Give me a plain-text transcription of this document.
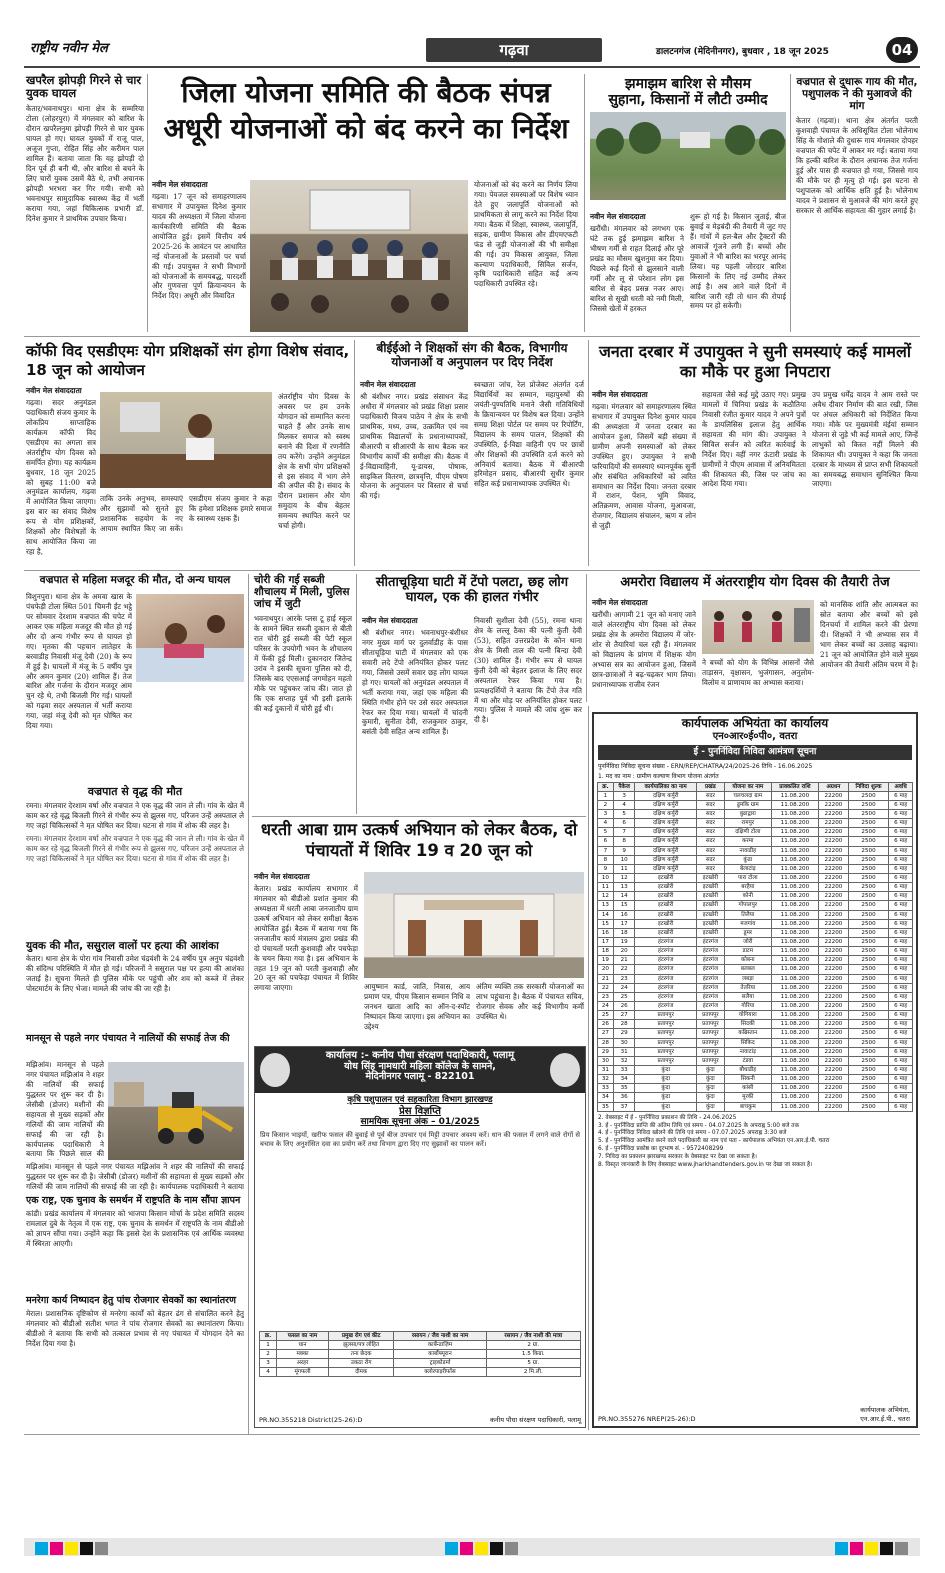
राष्ट्रीय नवीन मेल	गढ़वा	डालटनगंज (मेदिनीनगर), बुधवार , 18 जून 2025	04
खपरैल झोपड़ी गिरने से चार युवक घायल
केताऱ/भवनाथपुर। थाना क्षेत्र के सम्मरिया टोला (लोहरपुरा) में मंगलवार को बारिश के दौरान खपरैलनुमा झोपड़ी गिरने से चार युवक घायल हो गए। घायल युवकों में राजू पाल, अजूज गुप्ता, रोहित सिंह और करीमन पाल शामिल हैं। बताया जाता कि यह झोपड़ी दो दिन पूर्व ही बनी थी, और बारिश से बचने के लिए चारों युवक उसमें बैठे थे, तभी अचानक झोपड़ी भरभरा कर गिर गयी। सभी को भवनाथपुर सामुदायिक स्वास्थ्य केंद्र में भर्ती कराया गया, जहां चिकित्सक प्रभारी डॉ. दिनेश कुमार ने प्राथमिक उपचार किया।
जिला योजना समिति की बैठक संपन्न
अधूरी योजनाओं को बंद करने का निर्देश
नवीन मेल संवाददाता
गढ़वा। 17 जून को समाहरणालय सभागार में उपायुक्त दिनेश कुमार यादव की अध्यक्षता में जिला योजना कार्यकारिणी समिति की बैठक आयोजित हुई। इसमें वित्तीय वर्ष 2025-26 के आवंटन पर आधारित नई योजनाओं के प्रस्तावों पर चर्चा की गई। उपायुक्त ने सभी विभागों को योजनाओं के समयबद्ध, पारदर्शी और गुणवत्ता पूर्ण क्रियान्वयन के निर्देश दिए। अधूरी और विवादित
योजनाओं को बंद करने का निर्णय लिया गया। पेयजल समस्याओं पर विशेष ध्यान देते हुए जलापूर्ति योजनाओं को प्राथमिकता से लागू करने का निर्देश दिया गया। बैठक में शिक्षा, स्वास्थ्य, जलापूर्ति, सड़क, ग्रामीण विकास और डीएमएफटी फंड से जुड़ी योजनाओं की भी समीक्षा की गई। उप विकास आयुक्त, जिला कल्याण पदाधिकारी, सिविल सर्जन, कृषि पदाधिकारी सहित कई अन्य पदाधिकारी उपस्थित रहे।
झमाझम बारिश से मौसम
सुहाना, किसानों में लौटी उम्मीद
नवीन मेल संवाददाता
खरौंधी। मंगलवार को लगभग एक घंटे तक हुई झमाझम बारिश ने भीषण गर्मी से राहत दिलाई और पूरे प्रखंड का मौसम खुशनुमा कर दिया। पिछले कई दिनों से झुलसाने वाली गर्मी और लू से परेशान लोग इस बारिश से बेहद प्रसन्न नजर आए। बारिश से सूखी धरती को नमी मिली, जिससे खेतों में हरकत
शुरू हो गई है। किसान जुताई, बीज बुवाई व मेड़बंदी की तैयारी में जुट गए हैं। गांवों में हल-बैल और ट्रैक्टरों की आवाजें गूंजने लगी हैं। बच्चों और युवाओं ने भी बारिश का भरपूर आनंद लिया। यह पहली जोरदार बारिश किसानों के लिए नई उम्मीद लेकर आई है। अब आने वाले दिनों में बारिश जारी रही तो धान की रोपाई समय पर हो सकेगी।
वज्रपात से दुधारू गाय की मौत, पशुपालक ने की मुआवजे की मांग
केतार (गढ़वा)। थाना क्षेत्र अंतर्गत परती कुशवाही पंचायत के अधिसूचित टोला भोलेनाथ सिंह के गोशाले की दुधारू गाय मंगलवार दोपहर वज्रपात की चपेट में आकर मर गई। बताया गया कि हल्की बारिश के दौरान अचानक तेज गर्जना हुई और पास ही वज्रपात हो गया, जिससे गाय की मौके पर ही मृत्यु हो गई। इस घटना से पशुपालक को आर्थिक क्षति हुई है। भोलेनाथ यादव ने प्रशासन से मुआवजे की मांग करते हुए सरकार से आर्थिक सहायता की गुहार लगाई है।
कॉफी विद एसडीएमः योग प्रशिक्षकों संग होगा विशेष संवाद, 18 जून को आयोजन
नवीन मेल संवाददाता
गढ़वा। सदर अनुमंडल पदाधिकारी संजय कुमार के लोकप्रिय साप्ताहिक कार्यक्रम कॉफी विद एसडीएम का अगला सत्र अंतर्राष्ट्रीय योग दिवस को समर्पित होगा। यह कार्यक्रम बुधवार, 18 जून 2025 को सुबह 11:00 बजे अनुमंडल कार्यालय, गढ़वा में आयोजित किया जाएगा। इस बार का संवाद विशेष रूप से योग प्रशिक्षकों, शिक्षकों और विशेषज्ञों के साथ आयोजित किया जा रहा है,
ताकि उनके अनुभव, समस्याएं और सुझावों को सुनते हुए प्रशासनिक सहयोग के नए आयाम स्थापित किए जा सकें। एसडीएम संजय कुमार ने कहा कि हमेशा प्रशिक्षक हमारे समाज के स्वास्थ्य रक्षक हैं।
अंतर्राष्ट्रीय योग दिवस के अवसर पर हम उनके योगदान को सम्मानित करना चाहते हैं और उनके साथ मिलकर समाज को स्वस्थ बनाने की दिशा में रणनीति तय करेंगे। उन्होंने अनुमंडल क्षेत्र के सभी योग प्रशिक्षकों से इस संवाद में भाग लेने की अपील की है। संवाद के दौरान प्रशासन और योग समुदाय के बीच बेहतर समन्वय स्थापित करने पर चर्चा होगी।
बीईईओ ने शिक्षकों संग की बैठक, विभागीय योजनाओं व अनुपालन पर दिए निर्देश
नवीन मेल संवाददाता
श्री बंशीधर नगर। प्रखंड संसाधन केंद्र अधौरा में मंगलवार को प्रखंड शिक्षा प्रसार पदाधिकारी विजय पाठेय ने क्षेत्र के सभी प्राथमिक, मध्य, उच्च, उत्क्रमित एवं नव प्राथमिक विद्यालयों के प्रधानाध्यापकों, बीआरपी व सीआरपी के साथ बैठक कर विभागीय कार्यों की समीक्षा की। बैठक में ई-विद्यावाहिनी, यू-डायस, पोषाक, साइकिल वितरण, छात्रवृत्ति, पीएम पोषण योजना के अनुपालन पर विस्तार से चर्चा की गई।
स्वच्छता जांच, रेल प्रोजेक्ट अंतर्गत दर्ज विद्यार्थियों का सम्मान, महापुरुषों की जयंती-पुण्यतिथि मनाने जैसी गतिविधियों के क्रियान्वयन पर विशेष बल दिया। उन्होंने समग्र शिक्षा पोर्टल पर समय पर रिपोर्टिंग, विद्यालय के समय पालन, शिक्षकों की उपस्थिति, ई-विद्या वाहिनी एप पर छात्रों और शिक्षकों की उपस्थिति दर्ज करने को अनिवार्य बताया। बैठक में बीआरपी हरिमोहन प्रसाद, बीआरपी सुधीर कुमार सहित कई प्रधानाध्यापक उपस्थित थे।
जनता दरबार में उपायुक्त ने सुनी समस्याएं कई मामलों का मौके पर हुआ निपटारा
नवीन मेल संवाददाता
गढ़वा। मंगलवार को समाहरणालय स्थित सभागार में उपायुक्त दिनेश कुमार यादव की अध्यक्षता में जनता दरबार का आयोजन हुआ, जिसमें बड़ी संख्या में ग्रामीण अपनी समस्याओं को लेकर उपस्थित हुए। उपायुक्त ने सभी फरियादियों की समस्याएं ध्यानपूर्वक सुनीं और संबंधित अधिकारियों को त्वरित समाधान का निर्देश दिया। जनता दरबार में राशन, पेंशन, भूमि विवाद, अतिक्रमण, आवास योजना, मुआवजा, रोजगार, विद्यालय संचालन, ऋण व लोन से जुड़ी
सहायता जैसे कई मुद्दे उठाए गए। प्रमुख मामलों में चिनिया प्रखंड के कठौतिया निवासी रंजीत कुमार यादव ने अपने पुत्रों के डायलिसिस इलाज हेतु आर्थिक सहायता की मांग की। उपायुक्त ने सिविल सर्जन को त्वरित कार्रवाई के निर्देश दिए। वहीं नगर ऊंटारी प्रखंड के ग्रामीणों ने पीएम आवास में अनियमितता की शिकायत की, जिस पर जांच का आदेश दिया गया।
उप प्रमुख धर्मेंद्र यादव ने आम रास्ते पर अवैध दीवार निर्माण की बात रखी, जिस पर अंचल अधिकारी को निर्देशित किया गया। मौके पर मुख्यमंत्री मंईयां सम्मान योजना से जुड़े भी कई मामले आए, जिन्हें लाभुकों को किस्त नहीं मिलने की शिकायत थी। उपायुक्त ने कहा कि जनता दरबार के माध्यम से प्राप्त सभी शिकायतों का समयबद्ध समाधान सुनिश्चित किया जाएगा।
वज्रपात से महिला मजदूर की मौत, दो अन्य घायल
विशुनपुरा। थाना क्षेत्र के अमवा खास के पंचफेड़ी टोला स्थित 501 चिमनी ईंट भट्ठे पर सोमवार देरशाम वज्रपात की चपेट में आकर एक महिला मजदूर की मौत हो गई और दो अन्य गंभीर रूप से घायल हो गए। मृतका की पहचान लातेहार के बरवाडीह निवासी मंजू देवी (20) के रूप में हुई है। घायलों में मंजू के 5 वर्षीय पुत्र और अमन कुमार (20) शामिल हैं। तेज बारिश और गर्जना के दौरान मजदूर आम चुन रहे थे, तभी बिजली गिर गई। घायलों को गढ़वा सदर अस्पताल में भर्ती कराया गया, जहां मंजू देवी को मृत घोषित कर दिया गया।
वज्रपात से वृद्ध की मौत
रमना। मंगलवार देरशाम वर्षा और वज्रपात ने एक वृद्ध की जान ले ली। गांव के खेत में काम कर रहे वृद्ध बिजली गिरने से गंभीर रूप से झुलस गए, परिजन उन्हें अस्पताल ले गए जहां चिकित्सकों ने मृत घोषित कर दिया। घटना से गांव में शोक की लहर है।
युवक की मौत, ससुराल वालों पर हत्या की आशंका
केतार। थाना क्षेत्र के पोरा गांव निवासी उमेश चंद्रवंशी के 24 वर्षीय पुत्र अनुप चंद्रवंशी की संदिग्ध परिस्थिति में मौत हो गई। परिजनों ने ससुराल पक्ष पर हत्या की आशंका जताई है। सूचना मिलते ही पुलिस मौके पर पहुंची और शव को कब्जे में लेकर पोस्टमार्टम के लिए भेजा। मामले की जांच की जा रही है।
रमना। मंगलवार देरशाम वर्षा और वज्रपात ने एक वृद्ध की जान ले ली। गांव के खेत में काम कर रहे वृद्ध बिजली गिरने से गंभीर रूप से झुलस गए, परिजन उन्हें अस्पताल ले गए जहां चिकित्सकों ने मृत घोषित कर दिया। घटना से गांव में शोक की लहर है।
मानसून से पहले नगर पंचायत ने नालियों की सफाई तेज की
मझिआंव। मानसून से पहले नगर पंचायत मझिआंव ने शहर की नालियों की सफाई युद्धस्तर पर शुरू कर दी है। जेसीबी (डोजर) मशीनों की सहायता से मुख्य सड़कों और गलियों की जाम नालियों की सफाई की जा रही है। कार्यपालक पदाधिकारी ने बताया कि पिछले साल की
मझिआंव। मानसून से पहले नगर पंचायत मझिआंव ने शहर की नालियों की सफाई युद्धस्तर पर शुरू कर दी है। जेसीबी (डोजर) मशीनों की सहायता से मुख्य सड़कों और गलियों की जाम नालियों की सफाई की जा रही है। कार्यपालक पदाधिकारी ने बताया
एक राष्ट्र, एक चुनाव के समर्थन में राष्ट्रपति के नाम सौंपा ज्ञापन
कांडी। प्रखंड कार्यालय में मंगलवार को भाजपा किसान मोर्चा के प्रदेश समिति सदस्य रामलाल दुबे के नेतृत्व में एक राष्ट्र, एक चुनाव के समर्थन में राष्ट्रपति के नाम बीडीओ को ज्ञापन सौंपा गया। उन्होंने कहा कि इससे देश के प्रशासनिक एवं आर्थिक व्यवस्था में स्थिरता आएगी।
मनरेगा कार्य निष्पादन हेतु पांच रोजगार सेवकों का स्थानांतरण
मेराल। प्रशासनिक दृष्टिकोण से मनरेगा कार्यों को बेहतर ढंग से संचालित करने हेतु मंगलवार को बीडीओ सतीश भगत ने पांच रोजगार सेवकों का स्थानांतरण किया। बीडीओ ने बताया कि सभी को तत्काल प्रभाव से नए पंचायत में योगदान देने का निर्देश दिया गया है।
चोरी की गई सब्जी शौचालय में मिली, पुलिस जांच में जुटी
भवनाथपुर। आरके प्लस टू हाई स्कूल के सामने स्थित सब्जी दुकान से बीती रात चोरी हुई सब्जी की पेटी स्कूल परिसर के उपयोगी भवन के शौचालय में फेंकी हुई मिली। दुकानदार जितेन्द्र उरांव ने इसकी सूचना पुलिस को दी, जिसके बाद एएसआई जगमोहन महतो मौके पर पहुंचकर जांच की। जात हो कि एक सप्ताह पूर्व भी इसी इलाके की कई दुकानों में चोरी हुई थी।
सीताचूड़िया घाटी में टेंपो पलटा, छह लोग घायल, एक की हालत गंभीर
नवीन मेल संवाददाता
श्री बंशीधर नगर। भवनाथपुर-बंशीधर नगर मुख्य मार्ग पर दुलर्वाडीह के पास सीताचूड़िया घाटी में मंगलवार को एक सवारी लदे टेंपो अनियंत्रित होकर पलट गया, जिससे उसमें सवार छह लोग घायल हो गए। घायलों को अनुमंडल अस्पताल में भर्ती कराया गया, जहां एक महिला की स्थिति गंभीर होने पर उसे सदर अस्पताल रेफर कर दिया गया। घायलों में चांदनी कुमारी, सुनीता देवी, राजकुमार ठाकुर, बसंती देवी सहित अन्य शामिल हैं।
निवासी सुशीला देवी (55), रमना थाना क्षेत्र के लल्लू ठैका की पत्नी कुंती देवी (53), सहित उत्तरप्रदेश के कोन थाना क्षेत्र के मिसी ताल की पत्नी बिन्दा देवी (30) शामिल हैं। गंभीर रूप से घायल कुंती देवी को बेहतर इलाज के लिए सदर अस्पताल रेफर किया गया है। प्रत्यक्षदर्शियों ने बताया कि टेंपो तेज गति में था और मोड़ पर अनियंत्रित होकर पलट गया। पुलिस ने मामले की जांच शुरू कर दी है।
अमरोरा विद्यालय में अंतरराष्ट्रीय योग दिवस की तैयारी तेज
नवीन मेल संवाददाता
खरौंधी। आगामी 21 जून को मनाए जाने वाले अंतरराष्ट्रीय योग दिवस को लेकर प्रखंड क्षेत्र के अमरोरा विद्यालय में जोर-शोर से तैयारियां चल रही हैं। मंगलवार को विद्यालय के प्रांगण में शिक्षक योग अभ्यास सत्र का आयोजन हुआ, जिसमें छात्र-छात्राओं ने बढ़-चढ़कर भाग लिया। प्रधानाध्यापक राजीव रंजन
ने बच्चों को योग के विभिन्न आसनों जैसे ताड़ासन, वृक्षासन, भुजंगासन, अनुलोम-विलोम व प्राणायाम का अभ्यास कराया।
को मानसिक शांति और आत्मबल का स्रोत बताया और बच्चों को इसे दिनचर्या में शामिल करने की प्रेरणा दी। शिक्षकों ने भी अभ्यास सत्र में भाग लेकर बच्चों का उत्साह बढ़ाया। 21 जून को आयोजित होने वाले मुख्य आयोजन की तैयारी अंतिम चरण में है।
धरती आबा ग्राम उत्कर्ष अभियान को लेकर बैठक, दो पंचायतों में शिविर 19 व 20 जून को
नवीन मेल संवाददाता
केतार। प्रखंड कार्यालय सभागार में मंगलवार को बीडीओ प्रशांत कुमार की अध्यक्षता में धरती आबा जनजातीय ग्राम उत्कर्ष अभियान को लेकर समीक्षा बैठक आयोजित हुई। बैठक में बताया गया कि जनजातीय कार्य मंत्रालय द्वारा प्रखंड की दो पंचायतों परती कुशवाही और पचफेड़ा के चयन किया गया है। इस अभियान के तहत 19 जून को परती कुशवाही और 20 जून को पचफेड़ा पंचायत में शिविर लगाया जाएगा।	आयुष्मान कार्ड, जाति, निवास, आय प्रमाण पत्र, पीएम किसान सम्मान निधि व जनधन खाता आदि का ऑन-द-स्पॉट निष्पादन किया जाएगा। इस अभियान का उद्देश्य
अंतिम व्यक्ति तक सरकारी योजनाओं का लाभ पहुंचाना है। बैठक में पंचायत सचिव, रोजगार सेवक और कई विभागीय कर्मी उपस्थित थे।
कार्यालय :- कनीय पौधा संरक्षण पदाधिकारी, पलामू
योध सिंह नामधारी महिला कॉलेज के सामने,
मेदिनीनगर पलामू - 822101
कृषि पशुपालन एवं सहकारिता विभाग झारखण्ड
प्रेस विज्ञप्ति
सामयिक सूचना अंक – 01/2025
प्रिय किसान भाइयों, खरीफ फसल की बुवाई से पूर्व बीज उपचार एवं मिट्टी उपचार अवश्य करें। धान की फसल में लगने वाले रोगों से बचाव के लिए अनुशंसित दवा का प्रयोग करें तथा विभाग द्वारा दिए गए सुझावों का पालन करें।
क्र.	फसल का नाम	प्रमुख रोग एवं कीट	रसायन / जैव नाशी का नाम	रसायन / जैव नाशी की मात्रा
1	धान	झुलसा/पत्र लोहित	कार्बेन्डाज़िम	2 ग्रा.
2	मक्का	तना छेदक	कार्बोफ्यूरान	1.5 किग्रा.
3	अरहर	उकठा रोग	ट्राइकोडर्मा	5 ग्रा.
4	मूंगफली	दीमक	क्लोरपाइरीफॉस	2 मि.ली.
PR.NO.355218 District(25-26):D	कनीय पौधा संरक्षण पदाधिकारी, पलामू
कार्यपालक अभियंता का कार्यालय
एन०आर०ई०पी०, वतरा
ई - पुनर्निविदा निविदा आमंत्रण सूचना
पुनर्निविदा निविदा सूचना संख्या - ERN/REP/CHATRA/24/2025-26 तिथि - 16.06.2025
1. मद का नाम : ग्रामीण कल्याण विभाग योजना अंतर्गत
क्र.	पैकेज	कार्यपालिका का नाम	प्रखंड	योजना का नाम	प्राक्कलित राशि	अग्रधन	निविदा शुल्क	अवधि
1	3	दक्षिण कर्पुरी	सदर	चलचलदा ग्राम	11.08.200	22200	2500	6 माह
2	4	दक्षिण कर्पुरी	सदर	ढुमकि ग्राम	11.08.200	22200	2500	6 माह
3	5	दक्षिण कर्पुरी	सदर	बुढाद्वारा	11.08.200	22200	2500	6 माह
4	6	दक्षिण कर्पुरी	सदर	रामपुर	11.08.200	22200	2500	6 माह
5	7	दक्षिण कर्पुरी	सदर	दक्षिणी टोला	11.08.200	22200	2500	6 माह
6	8	दक्षिण कर्पुरी	सदर	करमा	11.08.200	22200	2500	6 माह
7	9	दक्षिण कर्पुरी	सदर	नावाडीह	11.08.200	22200	2500	6 माह
8	10	दक्षिण कर्पुरी	सदर	कुंडा	11.08.200	22200	2500	6 माह
9	11	दक्षिण कर्पुरी	सदर	बेलाटांड़	11.08.200	22200	2500	6 माह
10	12	इटखोरी	इटखोरी	पारा टोला	11.08.200	22200	2500	6 माह
11	13	इटखोरी	इटखोरी	बरहैया	11.08.200	22200	2500	6 माह
12	14	इटखोरी	इटखोरी	कोनी	11.08.200	22200	2500	6 माह
13	15	इटखोरी	इटखोरी	गोपालपुर	11.08.200	22200	2500	6 माह
14	16	इटखोरी	इटखोरी	तिलैया	11.08.200	22200	2500	6 माह
15	17	इटखोरी	इटखोरी	मजगांव	11.08.200	22200	2500	6 माह
16	18	इटखोरी	इटखोरी	डूमर	11.08.200	22200	2500	6 माह
17	19	हंटरगंज	हंटरगंज	जोरी	11.08.200	22200	2500	6 माह
18	20	हंटरगंज	हंटरगंज	डाटम	11.08.200	22200	2500	6 माह
19	21	हंटरगंज	हंटरगंज	कोबना	11.08.200	22200	2500	6 माह
20	22	हंटरगंज	हंटरगंज	बलबल	11.08.200	22200	2500	6 माह
21	23	हंटरगंज	हंटरगंज	जबड़ा	11.08.200	22200	2500	6 माह
22	24	हंटरगंज	हंटरगंज	तेतरिया	11.08.200	22200	2500	6 माह
23	25	हंटरगंज	हंटरगंज	सलैया	11.08.200	22200	2500	6 माह
24	26	हंटरगंज	हंटरगंज	गोरिया	11.08.200	22200	2500	6 माह
25	27	प्रतापपुर	प्रतापपुर	योगियारा	11.08.200	22200	2500	6 माह
26	28	प्रतापपुर	प्रतापपुर	सिदकी	11.08.200	22200	2500	6 माह
27	29	प्रतापपुर	प्रतापपुर	कब्रिस्तान	11.08.200	22200	2500	6 माह
28	30	प्रतापपुर	प्रतापपुर	सिकिद	11.08.200	22200	2500	6 माह
29	31	प्रतापपुर	प्रतापपुर	नावाटांड़	11.08.200	22200	2500	6 माह
30	32	प्रतापपुर	प्रतापपुर	टंडवा	11.08.200	22200	2500	6 माह
31	33	कुंदा	कुंदा	बौधाडीह	11.08.200	22200	2500	6 माह
32	34	कुंदा	कुंदा	सिकनी	11.08.200	22200	2500	6 माह
33	35	कुंदा	कुंदा	कांसी	11.08.200	22200	2500	6 माह
34	36	कुंदा	कुंदा	मुरकी	11.08.200	22200	2500	6 माह
35	37	कुंदा	कुंदा	बाचकुम	11.08.200	22200	2500	6 माह
2. वेबसाइट में ई - पुनर्निविदा प्रकाशन की तिथि - 24.06.2025
3. ई - पुनर्निविदा प्राप्ति की अंतिम तिथि एवं समय - 04.07.2025 के अपराह्न 5:00 बजे तक
4. ई - पुनर्निविदा निविदा खोलने की तिथि एवं समय - 07.07.2025 अपराह्न 3:30 बजे
5. ई - पुनर्निविदा आमंत्रित करने वाले पदाधिकारी का नाम एवं पता - कार्यपालक अभियंता एन.आर.ई.पी. चतरा
6. ई - पुनर्निविदा प्रकोष्ठ का दूरभाष सं. - 9572408299
7. निविदा का प्रकाशन झारखण्ड सरकार के वेबसाइट पर देखा जा सकता है।
8. विस्तृत जानकारी के लिए वेबसाइट www.jharkhandtenders.gov.in पर देखा जा सकता है।
PR.NO.355276 NREP(25-26):D
कार्यपालक अभियंता,
एन.आर.ई.पी., चतरा
